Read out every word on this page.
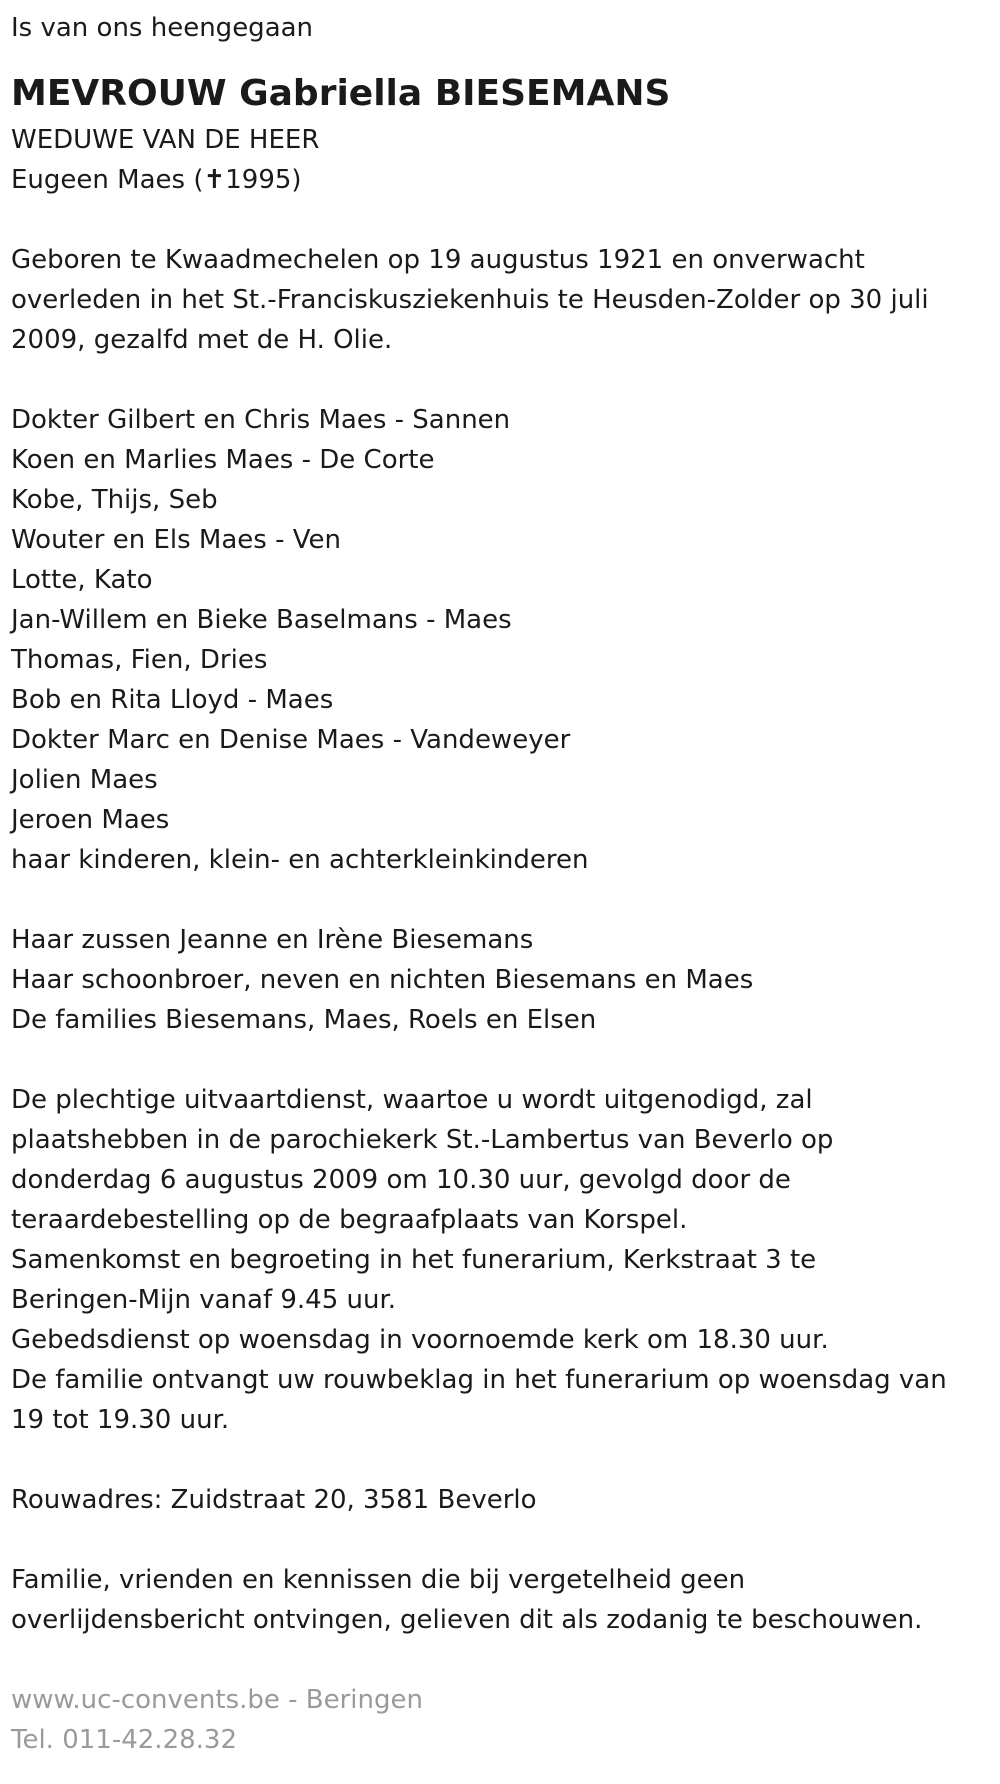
Is van ons heengegaan
MEVROUW Gabriella BIESEMANS
WEDUWE VAN DE HEER
Eugeen Maes (✝1995)
Geboren te Kwaadmechelen op 19 augustus 1921 en onverwacht
overleden in het St.-Franciskusziekenhuis te Heusden-Zolder op 30 juli
2009, gezalfd met de H. Olie.
Dokter Gilbert en Chris Maes - Sannen
Koen en Marlies Maes - De Corte
Kobe, Thijs, Seb
Wouter en Els Maes - Ven
Lotte, Kato
Jan-Willem en Bieke Baselmans - Maes
Thomas, Fien, Dries
Bob en Rita Lloyd - Maes
Dokter Marc en Denise Maes - Vandeweyer
Jolien Maes
Jeroen Maes
haar kinderen, klein- en achterkleinkinderen
Haar zussen Jeanne en Irène Biesemans
Haar schoonbroer, neven en nichten Biesemans en Maes
De families Biesemans, Maes, Roels en Elsen
De plechtige uitvaartdienst, waartoe u wordt uitgenodigd, zal
plaatshebben in de parochiekerk St.-Lambertus van Beverlo op
donderdag 6 augustus 2009 om 10.30 uur, gevolgd door de
teraardebestelling op de begraafplaats van Korspel.
Samenkomst en begroeting in het funerarium, Kerkstraat 3 te
Beringen-Mijn vanaf 9.45 uur.
Gebedsdienst op woensdag in voornoemde kerk om 18.30 uur.
De familie ontvangt uw rouwbeklag in het funerarium op woensdag van
19 tot 19.30 uur.
Rouwadres: Zuidstraat 20, 3581 Beverlo
Familie, vrienden en kennissen die bij vergetelheid geen
overlijdensbericht ontvingen, gelieven dit als zodanig te beschouwen.
www.uc-convents.be - Beringen
Tel. 011-42.28.32
